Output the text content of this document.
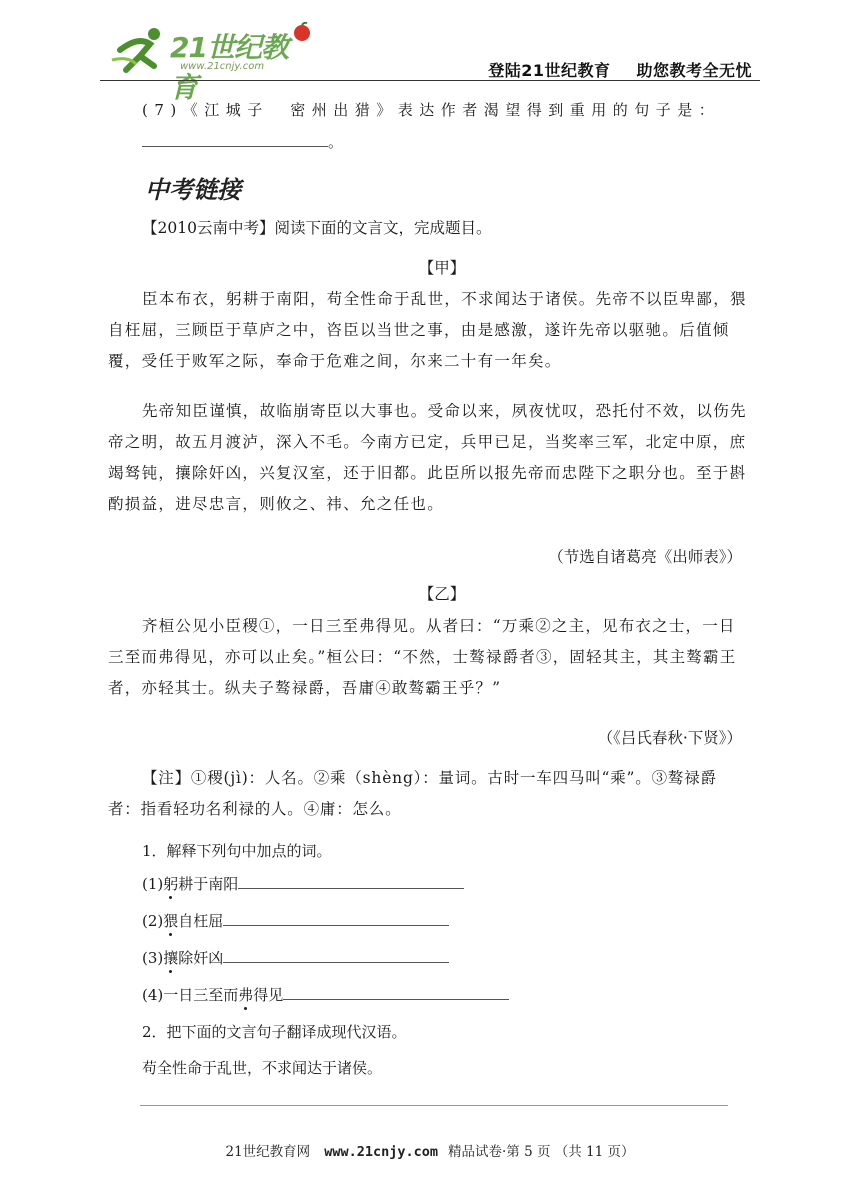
21世纪教育
www.21cnjy.com	登陆21世纪教育 助您教考全无忧
(7)《江城子　密州出猎》表达作者渴望得到重用的句子是：
。
中考链接
【2010云南中考】阅读下面的文言文，完成题目。
【甲】
臣本布衣，躬耕于南阳，苟全性命于乱世，不求闻达于诸侯。先帝不以臣卑鄙，猥自枉屈，三顾臣于草庐之中，咨臣以当世之事，由是感激，遂许先帝以驱驰。后值倾覆，受任于败军之际，奉命于危难之间，尔来二十有一年矣。
先帝知臣谨慎，故临崩寄臣以大事也。受命以来，夙夜忧叹，恐托付不效，以伤先帝之明，故五月渡泸，深入不毛。今南方已定，兵甲已足，当奖率三军，北定中原，庶竭驽钝，攘除奸凶，兴复汉室，还于旧都。此臣所以报先帝而忠陛下之职分也。至于斟酌损益，进尽忠言，则攸之、祎、允之任也。
（节选自诸葛亮《出师表》）
【乙】
齐桓公见小臣稷①，一日三至弗得见。从者曰：“万乘②之主，见布衣之士，一日三至而弗得见，亦可以止矣。”桓公曰：“不然，士骜禄爵者③，固轻其主，其主骜霸王者，亦轻其士。纵夫子骜禄爵，吾庸④敢骜霸王乎？”
（《吕氏春秋·下贤》）
【注】①稷(jì)：人名。②乘（shèng）：量词。古时一车四马叫“乘”。③骜禄爵者：指看轻功名利禄的人。④庸：怎么。
1．解释下列句中加点的词。
(1)躬耕于南阳
(2)猥自枉屈
(3)攘除奸凶
(4)一日三至而弗得见
2．把下面的文言句子翻译成现代汉语。
苟全性命于乱世，不求闻达于诸侯。
21世纪教育网 www.21cnjy.com 精品试卷·第 5 页 （共 11 页）
